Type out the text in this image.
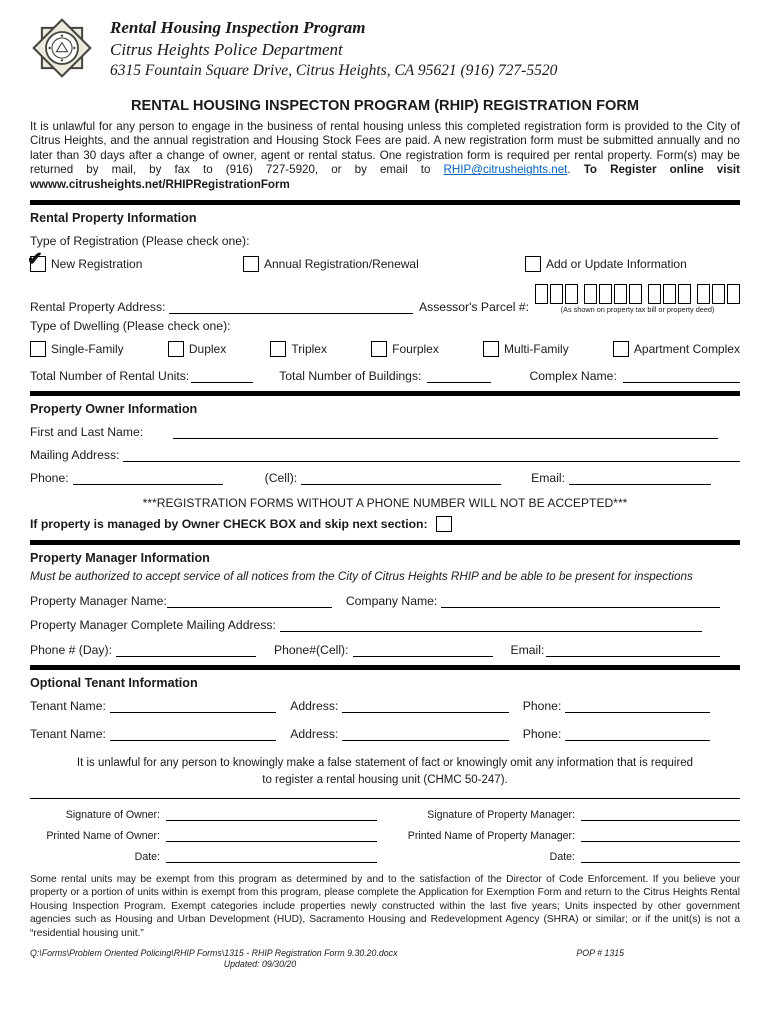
Rental Housing Inspection Program
Citrus Heights Police Department
6315 Fountain Square Drive, Citrus Heights, CA 95621 (916) 727-5520
RENTAL HOUSING INSPECTON PROGRAM (RHIP) REGISTRATION FORM

It is unlawful for any person to engage in the business of rental housing unless this completed registration form is provided to the City of Citrus Heights, and the annual registration and Housing Stock Fees are paid. A new registration form must be submitted annually and no later than 30 days after a change of owner, agent or rental status. One registration form is required per rental property. Form(s) may be returned by mail, by fax to (916) 727-5920, or by email to RHIP@citrusheights.net. To Register online visit wwww.citrusheights.net/RHIPRegistrationForm

Rental Property Information
Type of Registration (Please check one):
✔ New Registration	Annual Registration/Renewal	Add or Update Information
Rental Property Address:	Assessor's Parcel #:	(As shown on property tax bill or property deed)
Type of Dwelling (Please check one):
Single-Family	Duplex	Triplex	Fourplex	Multi-Family	Apartment Complex
Total Number of Rental Units:	Total Number of Buildings:	Complex Name:
Property Owner Information
First and Last Name:
Mailing Address:
Phone:	(Cell):	Email:
***REGISTRATION FORMS WITHOUT A PHONE NUMBER WILL NOT BE ACCEPTED***
If property is managed by Owner CHECK BOX and skip next section:
Property Manager Information
Must be authorized to accept service of all notices from the City of Citrus Heights RHIP and be able to be present for inspections
Property Manager Name:	Company Name:
Property Manager Complete Mailing Address:
Phone # (Day):	Phone#(Cell):	Email:
Optional Tenant Information
Tenant Name:	Address:	Phone:
Tenant Name:	Address:	Phone:

It is unlawful for any person to knowingly make a false statement of fact or knowingly omit any information that is required to register a rental housing unit (CHMC 50-247).

Signature of Owner:
Printed Name of Owner:
Date:
Signature of Property Manager:
Printed Name of Property Manager:
Date:

Some rental units may be exempt from this program as determined by and to the satisfaction of the Director of Code Enforcement. If you believe your property or a portion of units within is exempt from this program, please complete the Application for Exemption Form and return to the Citrus Heights Rental Housing Inspection Program. Exempt categories include properties newly constructed within the last five years; Units inspected by other government agencies such as Housing and Urban Development (HUD), Sacramento Housing and Redevelopment Agency (SHRA) or similar; or if the unit(s) is not a “residential housing unit.”

Q:\Forms\Problem Oriented Policing\RHIP Forms\1315 - RHIP Registration Form 9.30.20.docx	POP # 1315
Updated: 09/30/20
